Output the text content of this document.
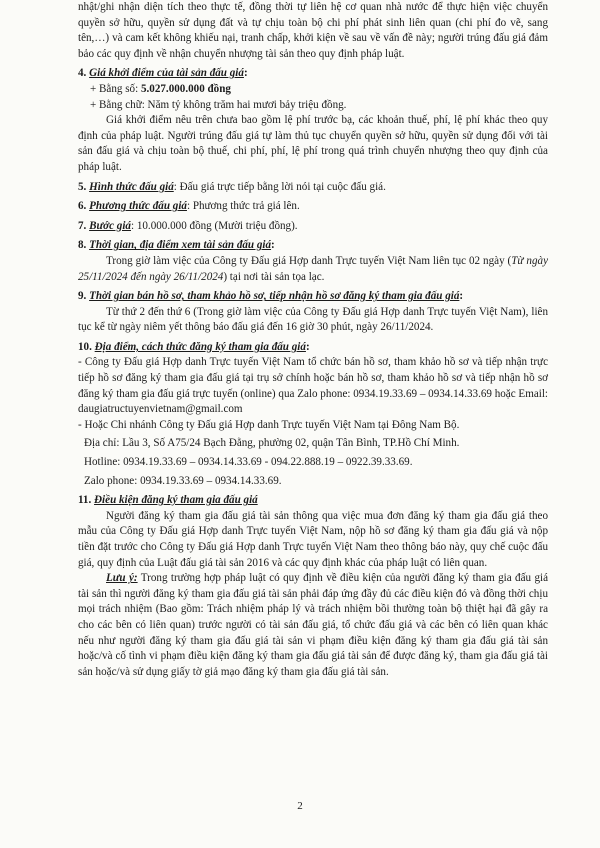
nhật/ghi nhận diện tích theo thực tế, đồng thời tự liên hệ cơ quan nhà nước để thực hiện việc chuyển quyền sở hữu, quyền sử dụng đất và tự chịu toàn bộ chi phí phát sinh liên quan (chi phí đo vẽ, sang tên,…) và cam kết không khiếu nại, tranh chấp, khởi kiện về sau về vấn đề này; người trúng đấu giá đảm bảo các quy định về nhận chuyển nhượng tài sản theo quy định pháp luật.

4. Giá khởi điểm của tài sản đấu giá:

+ Bằng số: 5.027.000.000 đồng

+ Bằng chữ: Năm tỷ không trăm hai mươi bảy triệu đồng.

Giá khởi điểm nêu trên chưa bao gồm lệ phí trước bạ, các khoản thuế, phí, lệ phí khác theo quy định của pháp luật. Người trúng đấu giá tự làm thủ tục chuyển quyền sở hữu, quyền sử dụng đối với tài sản đấu giá và chịu toàn bộ thuế, chi phí, phí, lệ phí trong quá trình chuyển nhượng theo quy định của pháp luật.

5. Hình thức đấu giá: Đấu giá trực tiếp bằng lời nói tại cuộc đấu giá.

6. Phương thức đấu giá: Phương thức trả giá lên.

7. Bước giá: 10.000.000 đồng (Mười triệu đồng).

8. Thời gian, địa điểm xem tài sản đấu giá:

Trong giờ làm việc của Công ty Đấu giá Hợp danh Trực tuyến Việt Nam liên tục 02 ngày (Từ ngày 25/11/2024 đến ngày 26/11/2024) tại nơi tài sản tọa lạc.

9. Thời gian bán hồ sơ, tham khảo hồ sơ, tiếp nhận hồ sơ đăng ký tham gia đấu giá:

Từ thứ 2 đến thứ 6 (Trong giờ làm việc của Công ty Đấu giá Hợp danh Trực tuyến Việt Nam), liên tục kể từ ngày niêm yết thông báo đấu giá đến 16 giờ 30 phút, ngày 26/11/2024.

10. Địa điểm, cách thức đăng ký tham gia đấu giá:

- Công ty Đấu giá Hợp danh Trực tuyến Việt Nam tổ chức bán hồ sơ, tham khảo hồ sơ và tiếp nhận trực tiếp hồ sơ đăng ký tham gia đấu giá tại trụ sở chính hoặc bán hồ sơ, tham khảo hồ sơ và tiếp nhận hồ sơ đăng ký tham gia đấu giá trực tuyến (online) qua Zalo phone: 0934.19.33.69 – 0934.14.33.69 hoặc Email: daugiatructuyenvietnam@gmail.com

- Hoặc Chi nhánh Công ty Đấu giá Hợp danh Trực tuyến Việt Nam tại Đông Nam Bộ.

Địa chỉ: Lầu 3, Số A75/24 Bạch Đằng, phường 02, quận Tân Bình, TP.Hồ Chí Minh.

Hotline: 0934.19.33.69 – 0934.14.33.69 - 094.22.888.19 – 0922.39.33.69.

Zalo phone: 0934.19.33.69 – 0934.14.33.69.

11. Điều kiện đăng ký tham gia đấu giá

Người đăng ký tham gia đấu giá tài sản thông qua việc mua đơn đăng ký tham gia đấu giá theo mẫu của Công ty Đấu giá Hợp danh Trực tuyến Việt Nam, nộp hồ sơ đăng ký tham gia đấu giá và nộp tiền đặt trước cho Công ty Đấu giá Hợp danh Trực tuyến Việt Nam theo thông báo này, quy chế cuộc đấu giá, quy định của Luật đấu giá tài sản 2016 và các quy định khác của pháp luật có liên quan.

Lưu ý: Trong trường hợp pháp luật có quy định về điều kiện của người đăng ký tham gia đấu giá tài sản thì người đăng ký tham gia đấu giá tài sản phải đáp ứng đầy đủ các điều kiện đó và đồng thời chịu mọi trách nhiệm (Bao gồm: Trách nhiệm pháp lý và trách nhiệm bồi thường toàn bộ thiệt hại đã gây ra cho các bên có liên quan) trước người có tài sản đấu giá, tổ chức đấu giá và các bên có liên quan khác nếu như người đăng ký tham gia đấu giá tài sản vi phạm điều kiện đăng ký tham gia đấu giá tài sản hoặc/và cố tình vi phạm điều kiện đăng ký tham gia đấu giá tài sản để được đăng ký, tham gia đấu giá tài sản hoặc/và sử dụng giấy tờ giả mạo đăng ký tham gia đấu giá tài sản.

2
